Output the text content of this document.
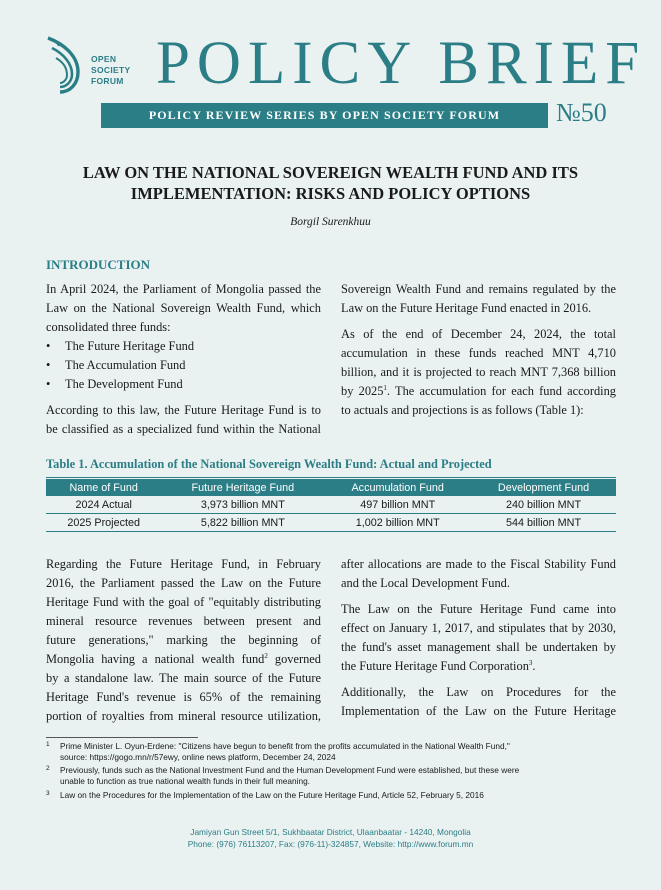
OPEN
SOCIETY
FORUM POLICY BRIEF
POLICY REVIEW SERIES BY OPEN SOCIETY FORUM	№50
LAW ON THE NATIONAL SOVEREIGN WEALTH FUND AND ITS
IMPLEMENTATION: RISKS AND POLICY OPTIONS
Borgil Surenkhuu
INTRODUCTION
In April 2024, the Parliament of Mongolia passed the
Law on the National Sovereign Wealth Fund, which
consolidated three funds:
• The Future Heritage Fund
• The Accumulation Fund
• The Development Fund
According to this law, the Future Heritage Fund is to
be classified as a specialized fund within the National
Sovereign Wealth Fund and remains regulated by the
Law on the Future Heritage Fund enacted in 2016.
As of the end of December 24, 2024, the total
accumulation in these funds reached MNT 4,710
billion, and it is projected to reach MNT 7,368 billion
by 2025$^1$. The accumulation for each fund according
to actuals and projections is as follows (Table 1):
Table 1. Accumulation of the National Sovereign Wealth Fund: Actual and Projected
Name of Fund	Future Heritage Fund	Accumulation Fund	Development Fund
2024 Actual	3,973 billion MNT	497 billion MNT	240 billion MNT
2025 Projected	5,822 billion MNT	1,002 billion MNT	544 billion MNT
Regarding the Future Heritage Fund, in February
2016, the Parliament passed the Law on the Future
Heritage Fund with the goal of "equitably distributing
mineral resource revenues between present and
future generations," marking the beginning of
Mongolia having a national wealth fund$^2$ governed
by a standalone law. The main source of the Future
Heritage Fund's revenue is 65% of the remaining
portion of royalties from mineral resource utilization,
after allocations are made to the Fiscal Stability Fund
and the Local Development Fund.
The Law on the Future Heritage Fund came into
effect on January 1, 2017, and stipulates that by 2030,
the fund's asset management shall be undertaken by
the Future Heritage Fund Corporation$^3$.
Additionally, the Law on Procedures for the
Implementation of the Law on the Future Heritage
1 Prime Minister L. Oyun-Erdene: "Citizens have begun to benefit from the profits accumulated in the National Wealth Fund,"
source: https://gogo.mn/r/57ewy, online news platform, December 24, 2024
2 Previously, funds such as the National Investment Fund and the Human Development Fund were established, but these were
unable to function as true national wealth funds in their full meaning.
3 Law on the Procedures for the Implementation of the Law on the Future Heritage Fund, Article 52, February 5, 2016
Jamiyan Gun Street 5/1, Sukhbaatar District, Ulaanbaatar - 14240, Mongolia
Phone: (976) 76113207, Fax: (976-11)-324857, Website: http://www.forum.mn
